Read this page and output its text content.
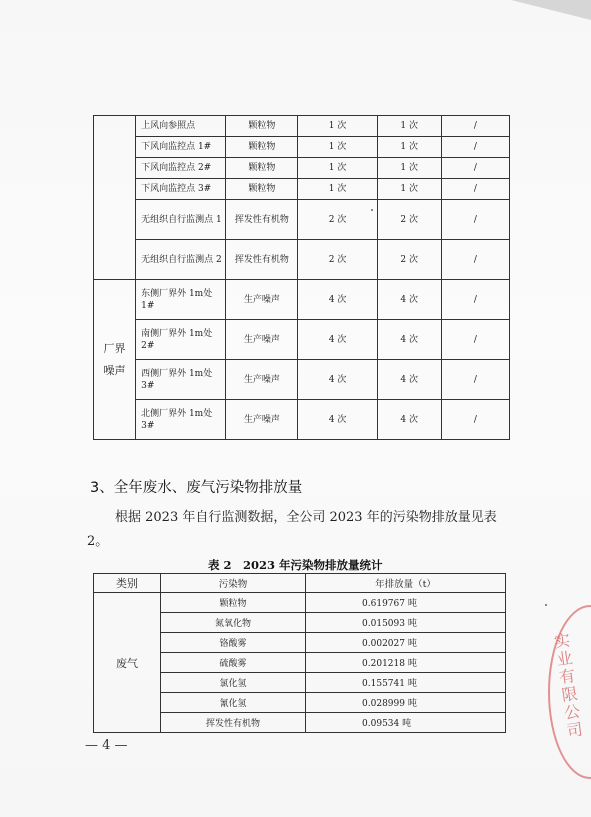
	上风向参照点	颗粒物	1 次	1 次	/
	下风向监控点 1#	颗粒物	1 次	1 次	/
	下风向监控点 2#	颗粒物	1 次	1 次	/
	下风向监控点 3#	颗粒物	1 次	1 次	/
	无组织自行监测点 1	挥发性有机物	2 次	2 次	/
	无组织自行监测点 2	挥发性有机物	2 次	2 次	/
厂界噪声	东侧厂界外 1m处 1#	生产噪声	4 次	4 次	/
	南侧厂界外 1m处 2#	生产噪声	4 次	4 次	/
	西侧厂界外 1m处 3#	生产噪声	4 次	4 次	/
	北侧厂界外 1m处 3#	生产噪声	4 次	4 次	/
3、全年废水、废气污染物排放量
根据 2023 年自行监测数据，全公司 2023 年的污染物排放量见表 2。
表 2　2023 年污染物排放量统计
类别	污染物	年排放量（t）
废气	颗粒物	0.619767 吨
	氮氧化物	0.015093 吨
	铬酸雾	0.002027 吨
	硫酸雾	0.201218 吨
	氯化氢	0.155741 吨
	氰化氢	0.028999 吨
	挥发性有机物	0.09534 吨
— 4 —
实业有限公司
